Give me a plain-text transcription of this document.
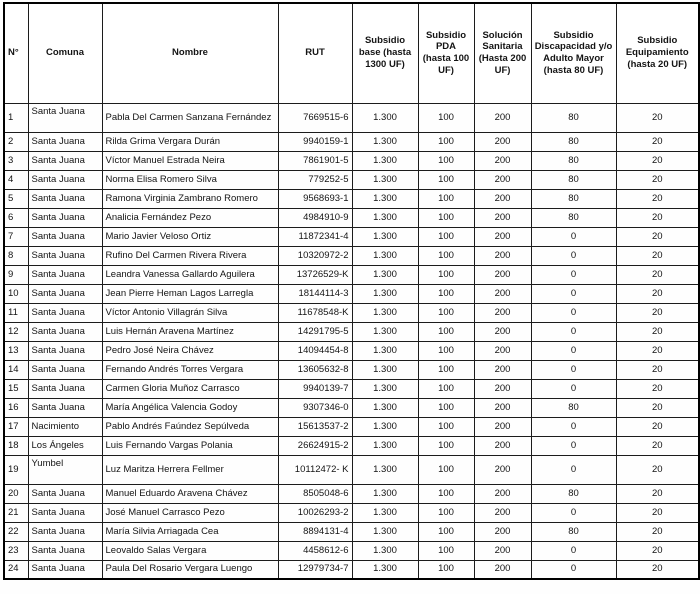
N°	Comuna	Nombre	RUT	Subsidio base (hasta 1300 UF)	Subsidio PDA (hasta 100 UF)	Solución Sanitaria (Hasta 200 UF)	Subsidio Discapacidad y/o Adulto Mayor (hasta 80 UF)	Subsidio Equipamiento (hasta 20 UF)
1	Santa Juana	Pabla Del Carmen Sanzana Fernández	7669515-6	1.300	100	200	80	20
2	Santa Juana	Rilda Grima Vergara Durán	9940159-1	1.300	100	200	80	20
3	Santa Juana	Víctor Manuel Estrada Neira	7861901-5	1.300	100	200	80	20
4	Santa Juana	Norma Elisa Romero Silva	779252-5	1.300	100	200	80	20
5	Santa Juana	Ramona Virginia Zambrano Romero	9568693-1	1.300	100	200	80	20
6	Santa Juana	Analicia Fernández Pezo	4984910-9	1.300	100	200	80	20
7	Santa Juana	Mario Javier Veloso Ortiz	11872341-4	1.300	100	200	0	20
8	Santa Juana	Rufino Del Carmen Rivera Rivera	10320972-2	1.300	100	200	0	20
9	Santa Juana	Leandra Vanessa Gallardo Aguilera	13726529-K	1.300	100	200	0	20
10	Santa Juana	Jean Pierre Heman Lagos Larregla	18144114-3	1.300	100	200	0	20
11	Santa Juana	Víctor Antonio Villagrán Silva	11678548-K	1.300	100	200	0	20
12	Santa Juana	Luis Hernán Aravena Martínez	14291795-5	1.300	100	200	0	20
13	Santa Juana	Pedro José Neira Chávez	14094454-8	1.300	100	200	0	20
14	Santa Juana	Fernando Andrés Torres Vergara	13605632-8	1.300	100	200	0	20
15	Santa Juana	Carmen Gloria Muñoz Carrasco	9940139-7	1.300	100	200	0	20
16	Santa Juana	María Angélica Valencia Godoy	9307346-0	1.300	100	200	80	20
17	Nacimiento	Pablo Andrés Faúndez Sepúlveda	15613537-2	1.300	100	200	0	20
18	Los Ángeles	Luis Fernando Vargas Polania	26624915-2	1.300	100	200	0	20
19	Yumbel	Luz Maritza Herrera Fellmer	10112472- K	1.300	100	200	0	20
20	Santa Juana	Manuel Eduardo Aravena Chávez	8505048-6	1.300	100	200	80	20
21	Santa Juana	José Manuel Carrasco Pezo	10026293-2	1.300	100	200	0	20
22	Santa Juana	María Silvia Arriagada Cea	8894131-4	1.300	100	200	80	20
23	Santa Juana	Leovaldo Salas Vergara	4458612-6	1.300	100	200	0	20
24	Santa Juana	Paula Del Rosario Vergara Luengo	12979734-7	1.300	100	200	0	20
